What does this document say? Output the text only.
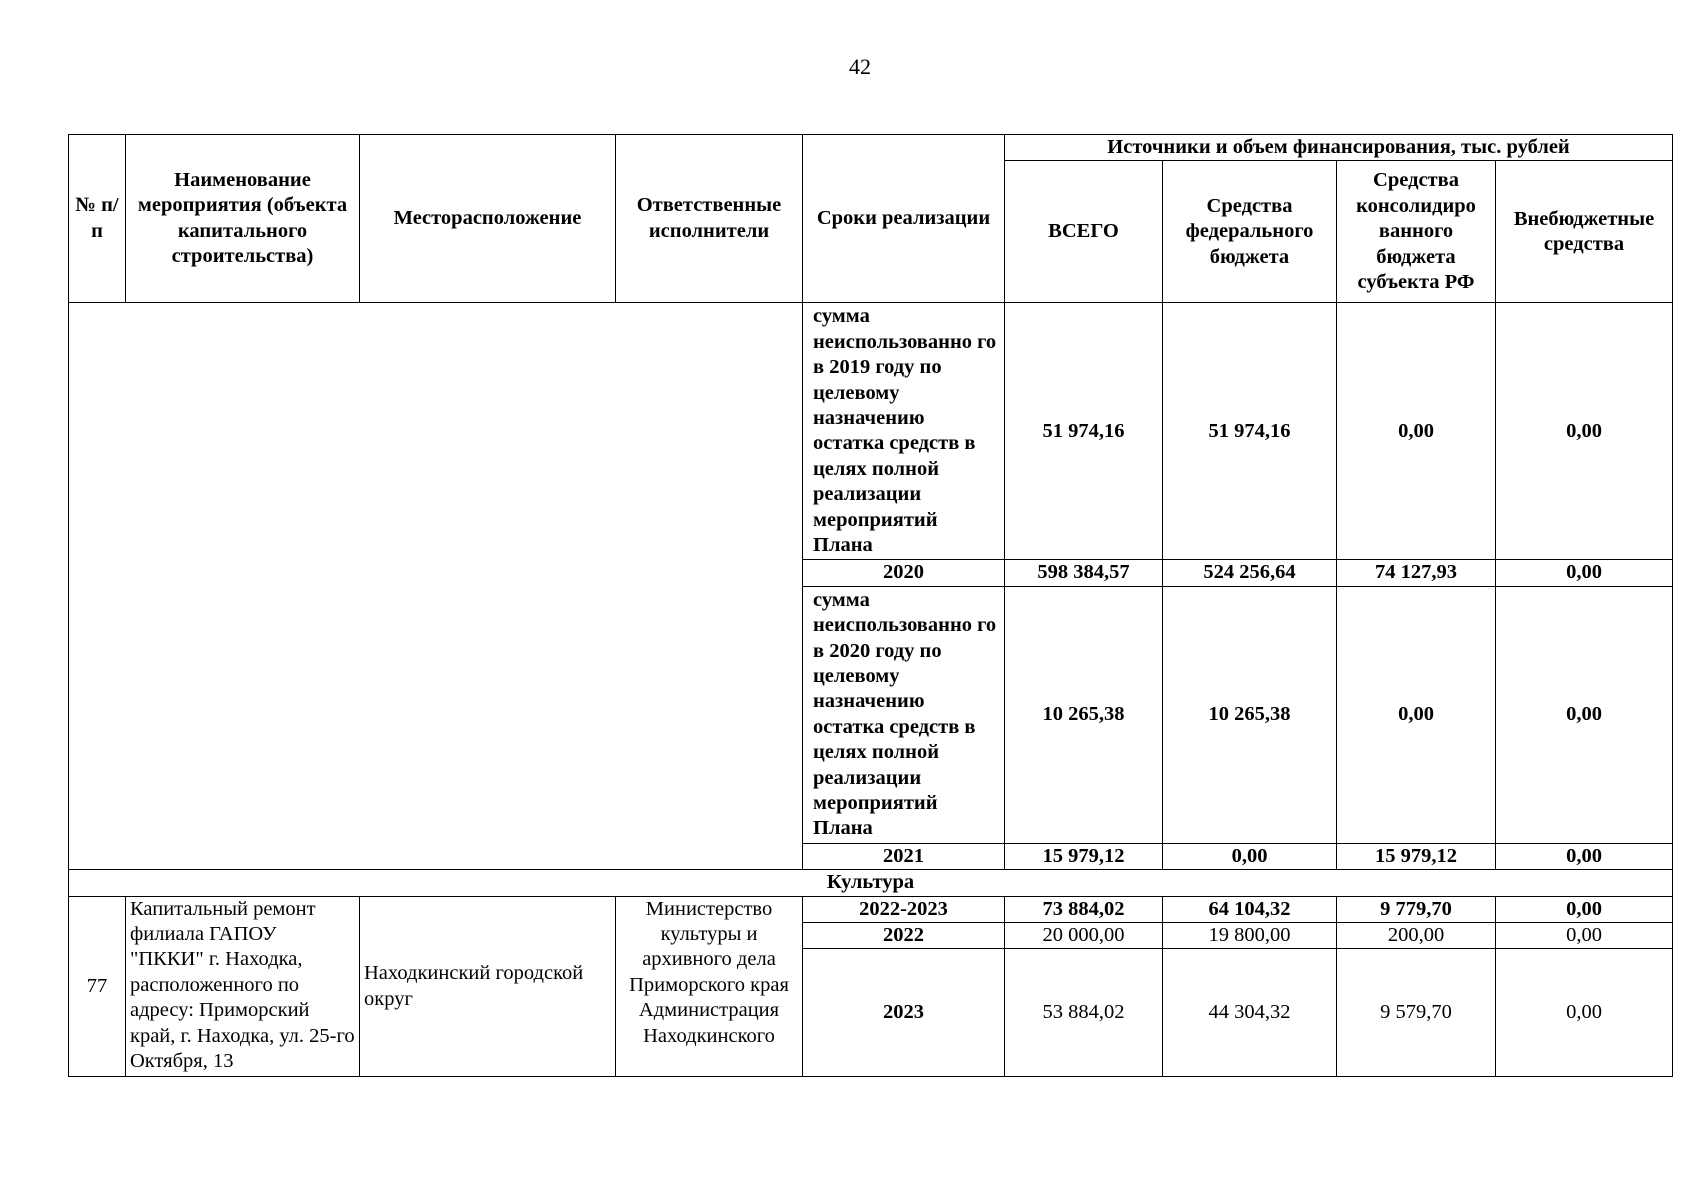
42
№ п/п	Наименование мероприятия (объекта капитального строительства)	Месторасположение	Ответственные исполнители	Сроки реализации	Источники и объем финансирования, тыс. рублей			
					ВСЕГО	Средства федерального бюджета	Средства консолидиро ванного бюджета субъекта РФ	Внебюджетные средства
				сумма неиспользованно го в 2019 году по целевому назначению остатка средств в целях полной реализации мероприятий Плана	51 974,16	51 974,16	0,00	0,00
				2020	598 384,57	524 256,64	74 127,93	0,00
				сумма неиспользованно го в 2020 году по целевому назначению остатка средств в целях полной реализации мероприятий Плана	10 265,38	10 265,38	0,00	0,00
				2021	15 979,12	0,00	15 979,12	0,00
Культура								
77	Капитальный ремонт филиала ГАПОУ "ПККИ" г. Находка, расположенного по адресу: Приморский край, г. Находка, ул. 25-го Октября, 13	Находкинский городской округ	Министерство культуры и архивного дела Приморского края Администрация Находкинского	2022-2023	73 884,02	64 104,32	9 779,70	0,00
				2022	20 000,00	19 800,00	200,00	0,00
				2023	53 884,02	44 304,32	9 579,70	0,00
